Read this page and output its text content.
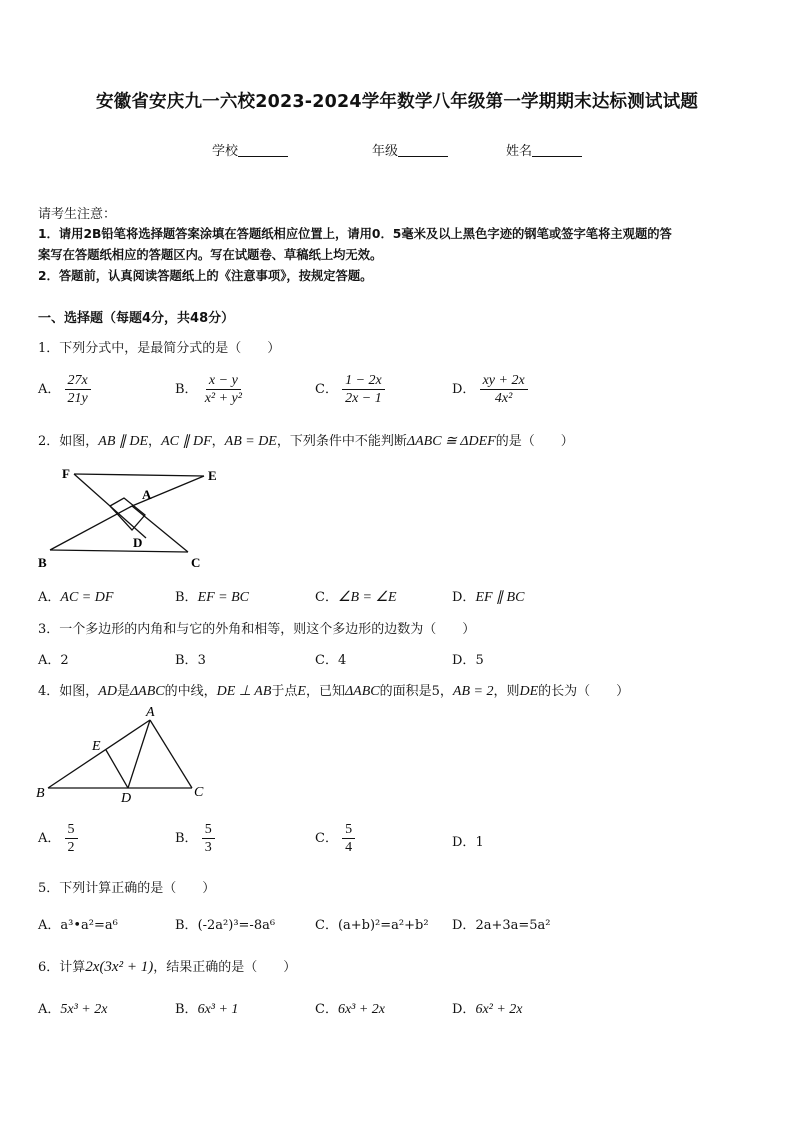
安徽省安庆九一六校2023-2024学年数学八年级第一学期期末达标测试试题
学校	年级	姓名
请考生注意：
1．请用2B铅笔将选择题答案涂填在答题纸相应位置上，请用0．5毫米及以上黑色字迹的钢笔或签字笔将主观题的答
案写在答题纸相应的答题区内。写在试题卷、草稿纸上均无效。
2．答题前，认真阅读答题纸上的《注意事项》，按规定答题。
一、选择题（每题4分，共48分）
1．下列分式中，是最简分式的是（　　）
A． $\frac{27x}{21y}$	B． $\frac{x - y}{\text{x² + y²}}$	C． $\frac{1 - 2x}{2x - 1}$	D． $\frac{xy + 2x}{\text{4x²}}$
2．如图，AB ∥ DE，AC ∥ DF，AB = DE，下列条件中不能判断ΔABC ≅ ΔDEF的是（　　）
F	E
A
D
B	C
A．AC = DF	B．EF = BC	C．∠B = ∠E	D．EF ∥ BC
3．一个多边形的内角和与它的外角和相等，则这个多边形的边数为（　　）
A．2	B．3	C．4	D．5
4．如图，AD是ΔABC的中线，DE ⊥ AB于点E，已知ΔABC的面积是5，AB = 2，则DE的长为（　　）
A
E
B	D	C
A． $\frac{5}{2}$	B． $\frac{5}{3}$	C． $\frac{5}{4}$	D．1
5．下列计算正确的是（　　）
A．a³•a²=a⁶	B．(-2a²)³=-8a⁶	C．(a+b)²=a²+b² D．2a+3a=5a²
6．计算2x(3x² + 1)，结果正确的是（　　）
A．5x³ + 2x	B．6x³ + 1	C．6x³ + 2x	D．6x² + 2x
